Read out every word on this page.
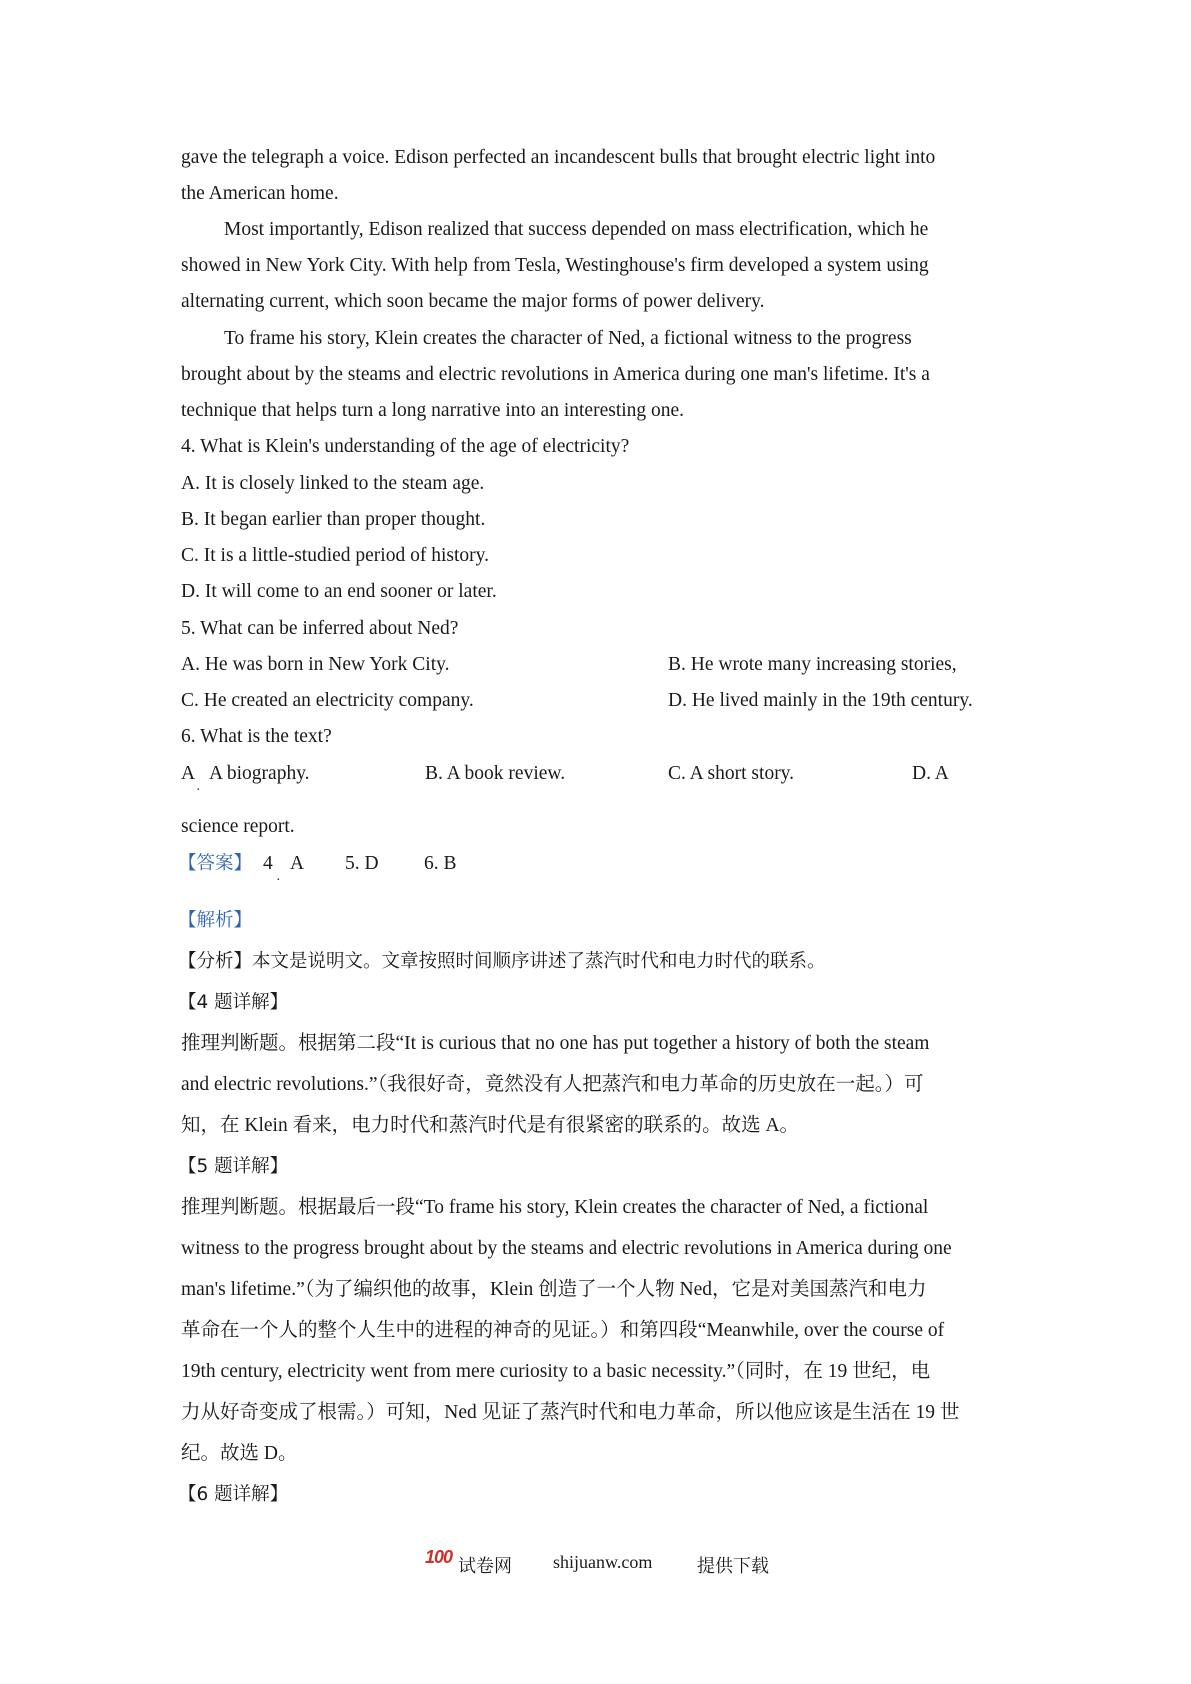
gave the telegraph a voice. Edison perfected an incandescent bulls that brought electric light into
the American home.
Most importantly, Edison realized that success depended on mass electrification, which he
showed in New York City. With help from Tesla, Westinghouse's firm developed a system using
alternating current, which soon became the major forms of power delivery.
To frame his story, Klein creates the character of Ned, a fictional witness to the progress
brought about by the steams and electric revolutions in America during one man's lifetime. It's a
technique that helps turn a long narrative into an interesting one.
4. What is Klein's understanding of the age of electricity?
A. It is closely linked to the steam age.
B. It began earlier than proper thought.
C. It is a little-studied period of history.
D. It will come to an end sooner or later.
5. What can be inferred about Ned?
A. He was born in New York City.	B. He wrote many increasing stories,
C. He created an electricity company.	D. He lived mainly in the 19th century.
6. What is the text?
A
·
A biography.	B. A book review.	C. A short story.	D. A
science report.
【答案】 4
·
A 5. D 6. B
【解析】
【分析】本文是说明文。文章按照时间顺序讲述了蒸汽时代和电力时代的联系。
【4 题详解】
推理判断题。根据第二段“It is curious that no one has put together a history of both the steam
and electric revolutions.”（我很好奇，竟然没有人把蒸汽和电力革命的历史放在一起。）可
知，在 Klein 看来，电力时代和蒸汽时代是有很紧密的联系的。故选 A。
【5 题详解】
推理判断题。根据最后一段“To frame his story, Klein creates the character of Ned, a fictional
witness to the progress brought about by the steams and electric revolutions in America during one
man's lifetime.”（为了编织他的故事，Klein 创造了一个人物 Ned，它是对美国蒸汽和电力
革命在一个人的整个人生中的进程的神奇的见证。）和第四段“Meanwhile, over the course of
19th century, electricity went from mere curiosity to a basic necessity.”（同时，在 19 世纪，电
力从好奇变成了根需。）可知，Ned 见证了蒸汽时代和电力革命，所以他应该是生活在 19 世
纪。故选 D。
【6 题详解】
100 试卷网 shijuanw.com 提供下载
